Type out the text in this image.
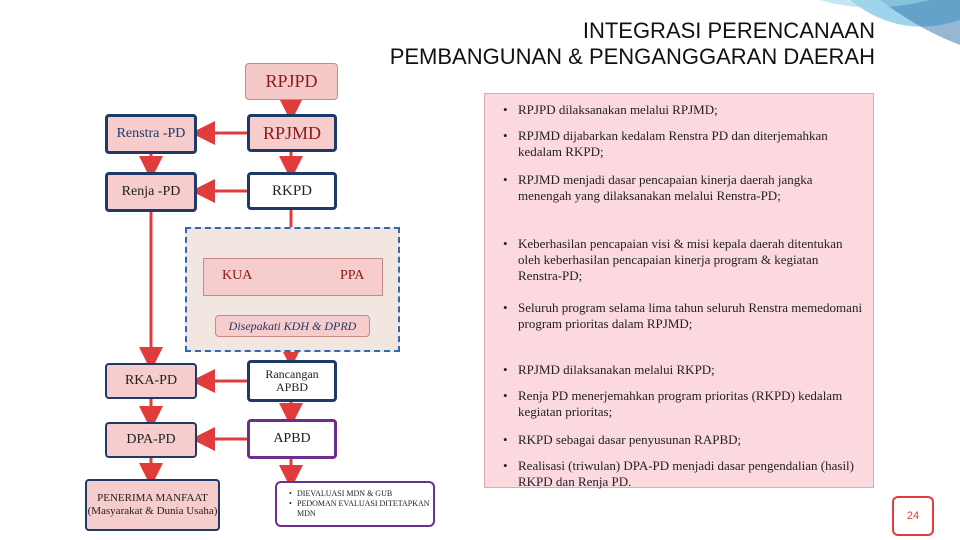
INTEGRASI PERENCANAAN
PEMBANGUNAN & PENGANGGARAN DAERAH
RPJPD
RPJMD
Renstra -PD
Renja -PD	RKPD
KUA	PPA
Disepakati KDH & DPRD
RKA-PD	Rancangan APBD
DPA-PD	APBD
PENERIMA MANFAAT (Masyarakat & Dunia Usaha)
• DIEVALUASI MDN & GUB
• PEDOMAN EVALUASI DITETAPKAN MDN
• RPJPD dilaksanakan melalui RPJMD;
• RPJMD dijabarkan kedalam Renstra PD dan diterjemahkan kedalam RKPD;
• RPJMD menjadi dasar pencapaian kinerja daerah jangka menengah yang dilaksanakan melalui Renstra-PD;
• Keberhasilan pencapaian visi & misi kepala daerah ditentukan oleh keberhasilan pencapaian kinerja program & kegiatan Renstra-PD;
• Seluruh program selama lima tahun seluruh Renstra memedomani program prioritas dalam RPJMD;
• RPJMD dilaksanakan melalui RKPD;
• Renja PD menerjemahkan program prioritas (RKPD) kedalam kegiatan prioritas;
• RKPD sebagai dasar penyusunan RAPBD;
• Realisasi (triwulan) DPA-PD menjadi dasar pengendalian (hasil) RKPD dan Renja PD.
24
